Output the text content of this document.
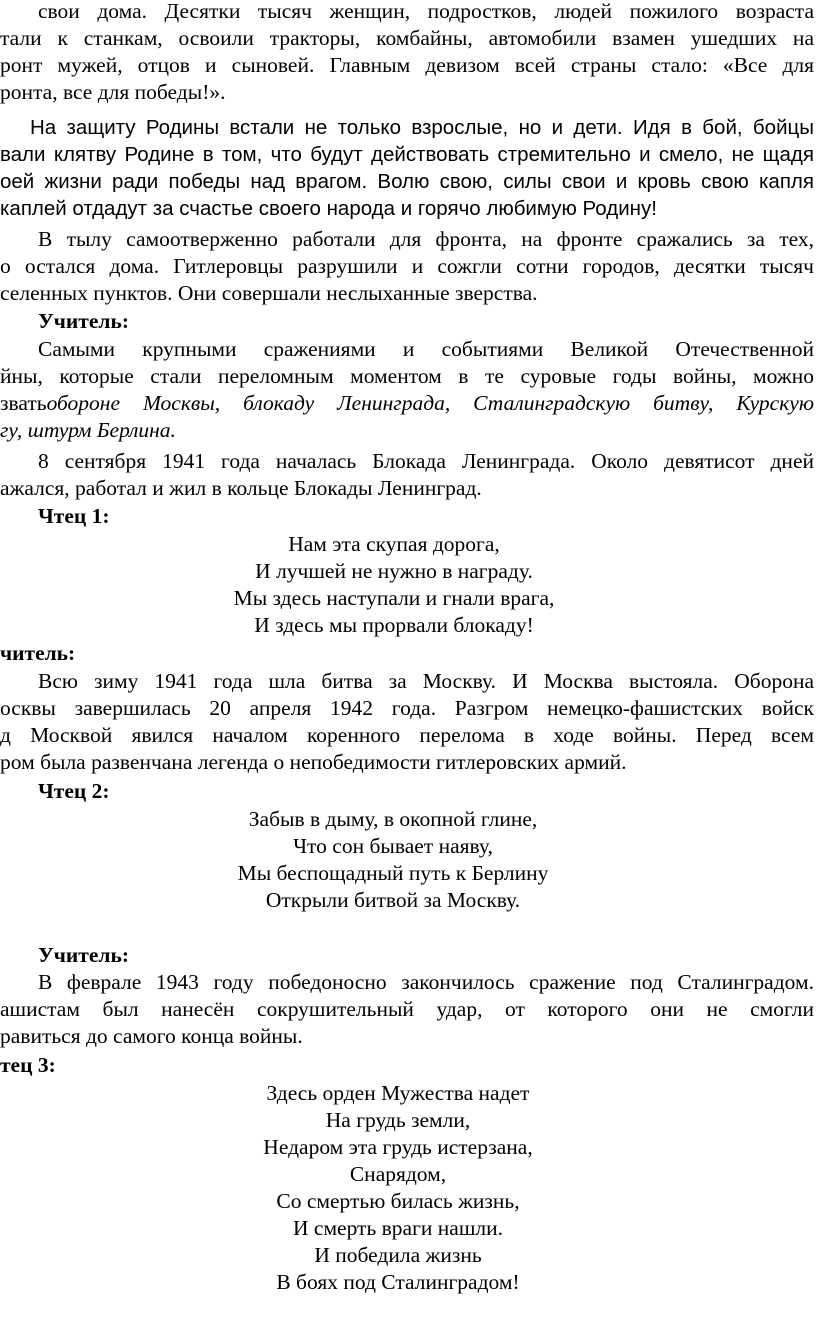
свои дома. Десятки тысяч женщин, подростков, людей пожилого возраста
тали к станкам, освоили тракторы, комбайны, автомобили взамен ушедших на
ронт мужей, отцов и сыновей. Главным девизом всей страны стало: «Все для
ронта, все для победы!».
На защиту Родины встали не только взрослые, но и дети. Идя в бой, бойцы
вали клятву Родине в том, что будут действовать стремительно и смело, не щадя
оей жизни ради победы над врагом. Волю свою, силы свои и кровь свою капля
каплей отдадут за счастье своего народа и горячо любимую Родину!
В тылу самоотверженно работали для фронта, на фронте сражались за тех,
о остался дома. Гитлеровцы разрушили и сожгли сотни городов, десятки тысяч
селенных пунктов. Они совершали неслыханные зверства.
Учитель:
Самыми крупными сражениями и событиями Великой Отечественной
йны, которые стали переломным моментом в те суровые годы войны, можно
звать обороне Москвы, блокаду Ленинграда, Сталинградскую битву, Курскую
гу, штурм Берлина.
8 сентября 1941 года началась Блокада Ленинграда. Около девятисот дней
ажался, работал и жил в кольце Блокады Ленинград.
Чтец 1:
Нам эта скупая дорога,
И лучшей не нужно в награду.
Мы здесь наступали и гнали врага,
И здесь мы прорвали блокаду!
читель:
Всю зиму 1941 года шла битва за Москву. И Москва выстояла. Оборона
осквы завершилась 20 апреля 1942 года. Разгром немецко-фашистских войск
д Москвой явился началом коренного перелома в ходе войны. Перед всем
ром была развенчана легенда о непобедимости гитлеровских армий.
Чтец 2:
Забыв в дыму, в окопной глине,
Что сон бывает наяву,
Мы беспощадный путь к Берлину
Открыли битвой за Москву.
Учитель:
В феврале 1943 году победоносно закончилось сражение под Сталинградом.
ашистам был нанесён сокрушительный удар, от которого они не смогли
равиться до самого конца войны.
тец 3:
Здесь орден Мужества надет
На грудь земли,
Недаром эта грудь истерзана,
Снарядом,
Со смертью билась жизнь,
И смерть враги нашли.
И победила жизнь
В боях под Сталинградом!
